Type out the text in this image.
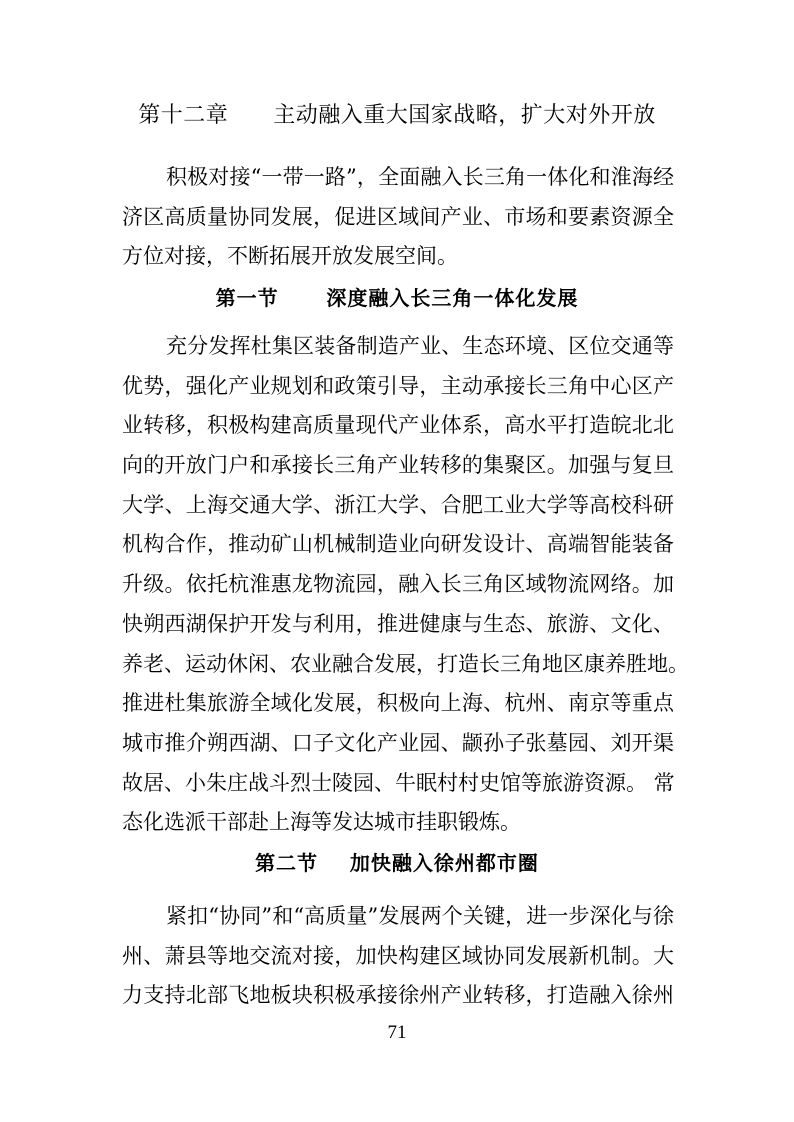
第十二章      主动融入重大国家战略，扩大对外开放
积极对接“一带一路”，全面融入长三角一体化和淮海经
济区高质量协同发展，促进区域间产业、市场和要素资源全
方位对接，不断拓展开放发展空间。
第一节      深度融入长三角一体化发展
充分发挥杜集区装备制造产业、生态环境、区位交通等
优势，强化产业规划和政策引导，主动承接长三角中心区产
业转移，积极构建高质量现代产业体系，高水平打造皖北北
向的开放门户和承接长三角产业转移的集聚区。加强与复旦
大学、上海交通大学、浙江大学、合肥工业大学等高校科研
机构合作，推动矿山机械制造业向研发设计、高端智能装备
升级。依托杭淮惠龙物流园，融入长三角区域物流网络。加
快朔西湖保护开发与利用，推进健康与生态、旅游、文化、
养老、运动休闲、农业融合发展，打造长三角地区康养胜地。
推进杜集旅游全域化发展，积极向上海、杭州、南京等重点
城市推介朔西湖、口子文化产业园、颛孙子张墓园、刘开渠
故居、小朱庄战斗烈士陵园、牛眠村村史馆等旅游资源。 常
态化选派干部赴上海等发达城市挂职锻炼。
第二节    加快融入徐州都市圈
紧扣“协同”和“高质量”发展两个关键，进一步深化与徐
州、萧县等地交流对接，加快构建区域协同发展新机制。大
力支持北部飞地板块积极承接徐州产业转移，打造融入徐州
71
